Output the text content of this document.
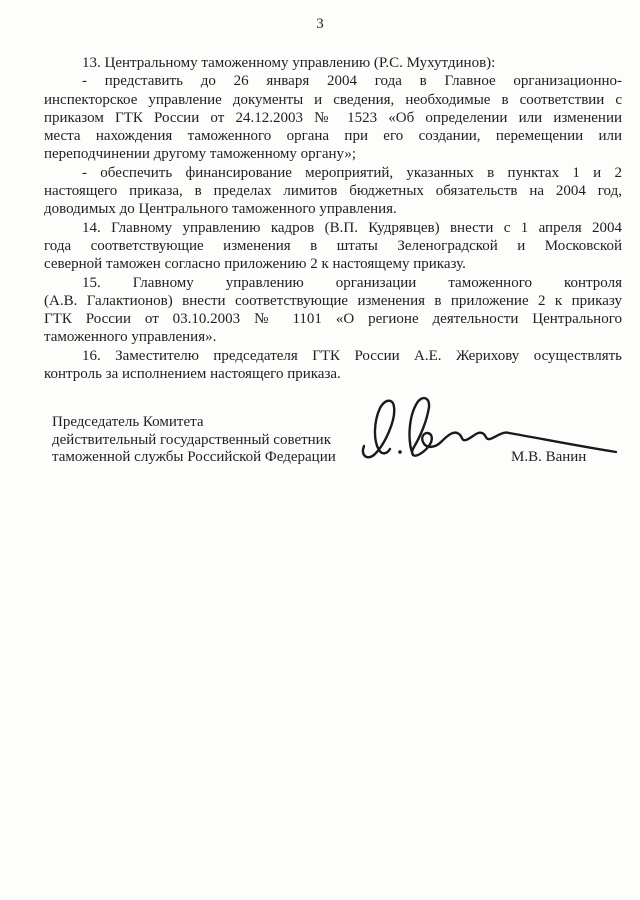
3
13. Центральному таможенному управлению (Р.С. Мухутдинов):
- представить до 26 января 2004 года в Главное организационно-
инспекторское управление документы и сведения, необходимые в соответствии с
приказом ГТК России от 24.12.2003 № 1523 «Об определении или изменении
места нахождения таможенного органа при его создании, перемещении или
переподчинении другому таможенному органу»;
- обеспечить финансирование мероприятий, указанных в пунктах 1 и 2
настоящего приказа, в пределах лимитов бюджетных обязательств на 2004 год,
доводимых до Центрального таможенного управления.
14. Главному управлению кадров (В.П. Кудрявцев) внести с 1 апреля 2004
года соответствующие изменения в штаты Зеленоградской и Московской
северной таможен согласно приложению 2 к настоящему приказу.
15. Главному управлению организации таможенного контроля
(А.В. Галактионов) внести соответствующие изменения в приложение 2 к приказу
ГТК России от 03.10.2003 № 1101 «О регионе деятельности Центрального
таможенного управления».
16. Заместителю председателя ГТК России А.Е. Жерихову осуществлять
контроль за исполнением настоящего приказа.
Председатель Комитета
действительный государственный советник
таможенной службы Российской Федерации	М.В. Ванин
